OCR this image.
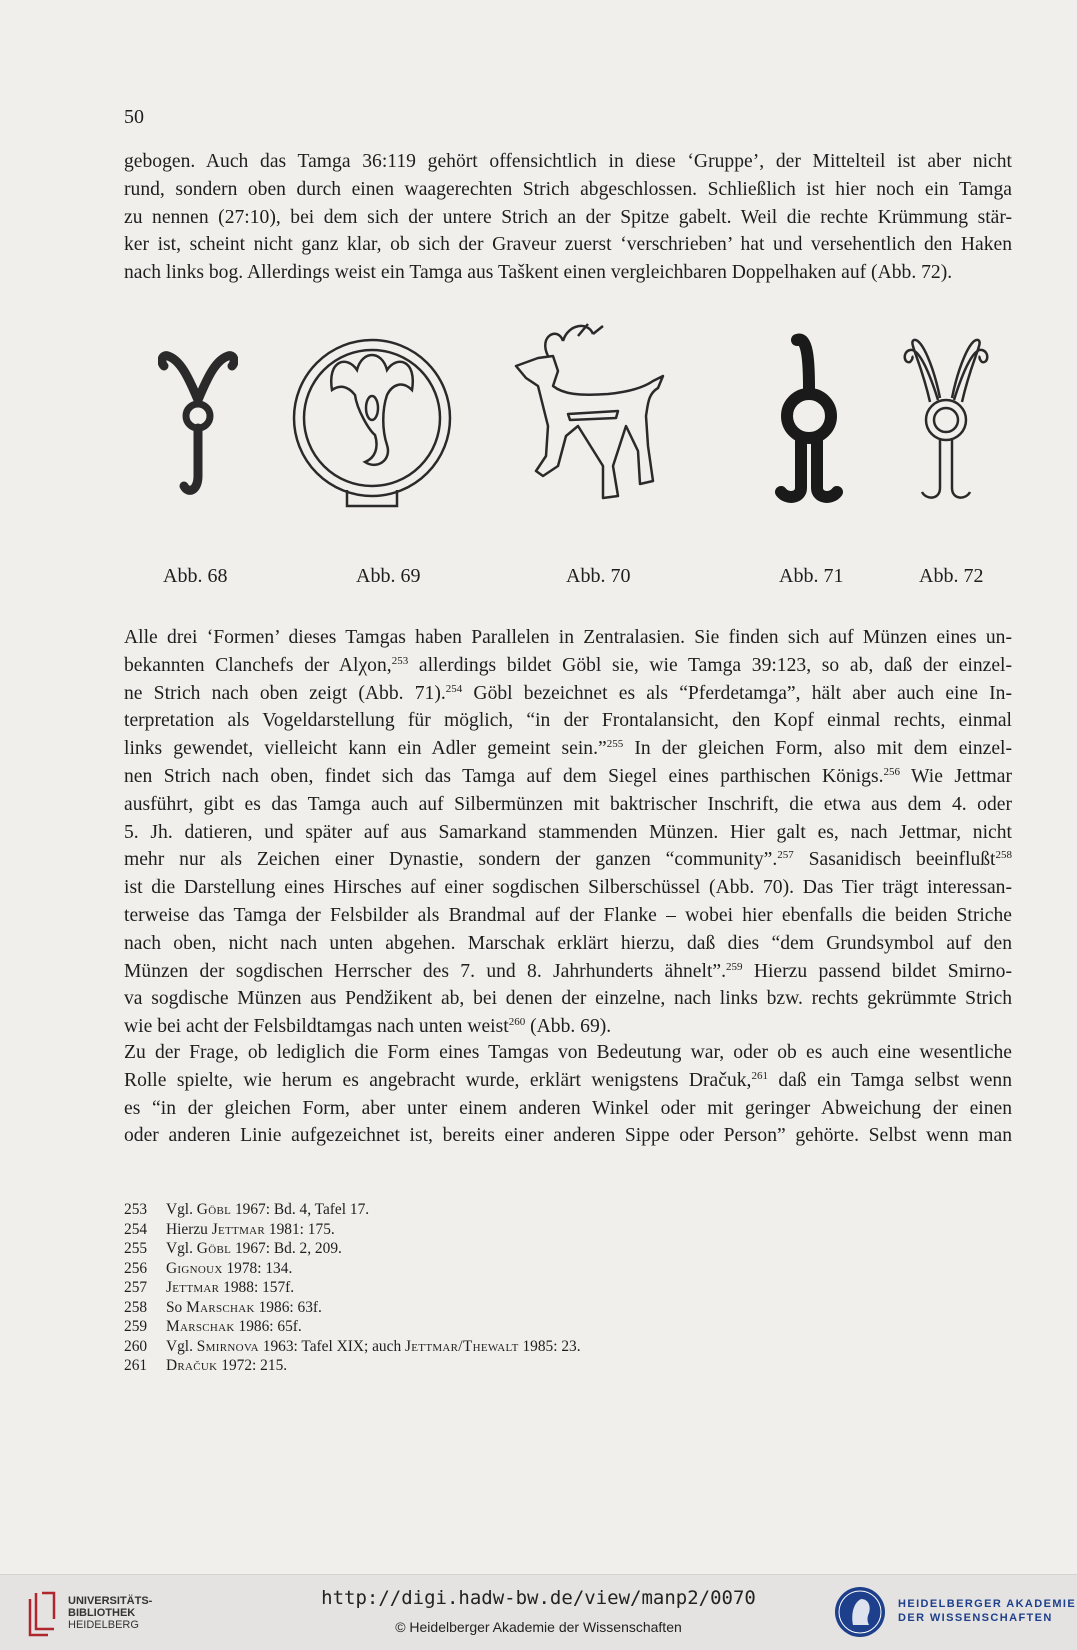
50
gebogen. Auch das Tamga 36:119 gehört offensichtlich in diese ‘Gruppe’, der Mittelteil ist aber nicht
rund, sondern oben durch einen waagerechten Strich abgeschlossen. Schließlich ist hier noch ein Tamga
zu nennen (27:10), bei dem sich der untere Strich an der Spitze gabelt. Weil die rechte Krümmung stär-
ker ist, scheint nicht ganz klar, ob sich der Graveur zuerst ‘verschrieben’ hat und versehentlich den Haken
nach links bog. Allerdings weist ein Tamga aus Taškent einen vergleichbaren Doppelhaken auf (Abb. 72).
Abb. 68	Abb. 69	Abb. 70	Abb. 71	Abb. 72
Alle drei ‘Formen’ dieses Tamgas haben Parallelen in Zentralasien. Sie finden sich auf Münzen eines un-
bekannten Clanchefs der Alχon,$^{253}$ allerdings bildet Göbl sie, wie Tamga 39:123, so ab, daß der einzel-
ne Strich nach oben zeigt (Abb. 71).$^{254}$ Göbl bezeichnet es als “Pferdetamga”, hält aber auch eine In-
terpretation als Vogeldarstellung für möglich, “in der Frontalansicht, den Kopf einmal rechts, einmal
links gewendet, vielleicht kann ein Adler gemeint sein.”$^{255}$ In der gleichen Form, also mit dem einzel-
nen Strich nach oben, findet sich das Tamga auf dem Siegel eines parthischen Königs.$^{256}$ Wie Jettmar
ausführt, gibt es das Tamga auch auf Silbermünzen mit baktrischer Inschrift, die etwa aus dem 4. oder
5. Jh. datieren, und später auf aus Samarkand stammenden Münzen. Hier galt es, nach Jettmar, nicht
mehr nur als Zeichen einer Dynastie, sondern der ganzen “community”.$^{257}$ Sasanidisch beeinflußt$^{258}$
ist die Darstellung eines Hirsches auf einer sogdischen Silberschüssel (Abb. 70). Das Tier trägt interessan-
terweise das Tamga der Felsbilder als Brandmal auf der Flanke – wobei hier ebenfalls die beiden Striche
nach oben, nicht nach unten abgehen. Marschak erklärt hierzu, daß dies “dem Grundsymbol auf den
Münzen der sogdischen Herrscher des 7. und 8. Jahrhunderts ähnelt”.$^{259}$ Hierzu passend bildet Smirno-
va sogdische Münzen aus Pendžikent ab, bei denen der einzelne, nach links bzw. rechts gekrümmte Strich
wie bei acht der Felsbildtamgas nach unten weist$^{260}$ (Abb. 69).
Zu der Frage, ob lediglich die Form eines Tamgas von Bedeutung war, oder ob es auch eine wesentliche
Rolle spielte, wie herum es angebracht wurde, erklärt wenigstens Dračuk,$^{261}$ daß ein Tamga selbst wenn
es “in der gleichen Form, aber unter einem anderen Winkel oder mit geringer Abweichung der einen
oder anderen Linie aufgezeichnet ist, bereits einer anderen Sippe oder Person” gehörte. Selbst wenn man
253	Vgl. Göbl 1967: Bd. 4, Tafel 17.
254	Hierzu Jettmar 1981: 175.
255	Vgl. Göbl 1967: Bd. 2, 209.
256	Gignoux 1978: 134.
257	Jettmar 1988: 157f.
258	So Marschak 1986: 63f.
259	Marschak 1986: 65f.
260	Vgl. Smirnova 1963: Tafel XIX; auch Jettmar/Thewalt 1985: 23.
261	Dračuk 1972: 215.
UNIVERSITÄTS-
BIBLIOTHEK
HEIDELBERG
http://digi.hadw-bw.de/view/manp2/0070
© Heidelberger Akademie der Wissenschaften
HEIDELBERGER AKADEMIE
DER WISSENSCHAFTEN
